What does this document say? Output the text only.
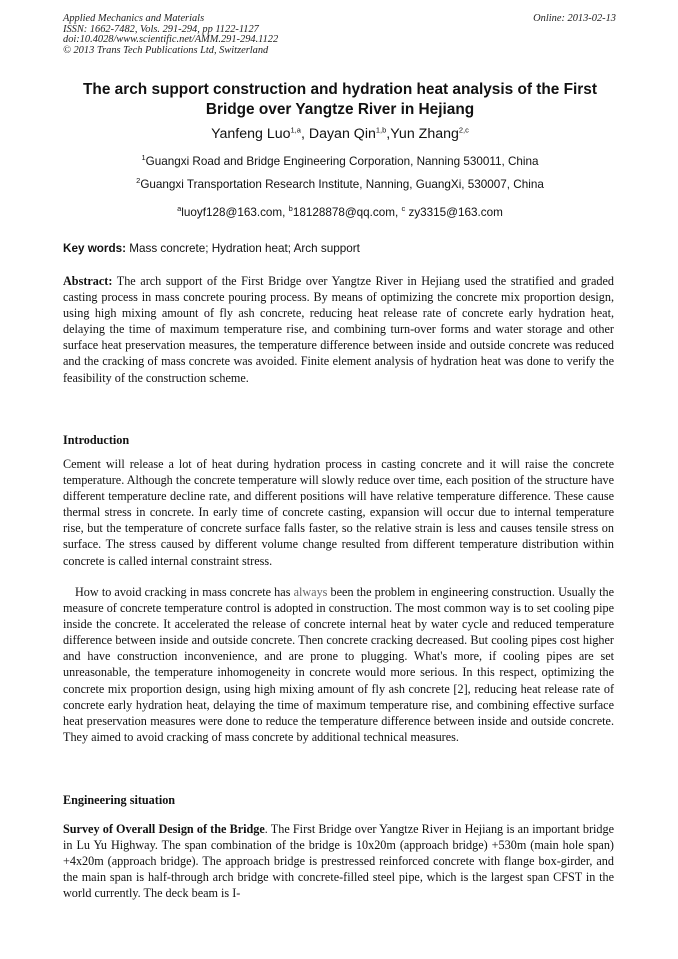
Applied Mechanics and Materials
ISSN: 1662-7482, Vols. 291-294, pp 1122-1127
doi:10.4028/www.scientific.net/AMM.291-294.1122
© 2013 Trans Tech Publications Ltd, Switzerland
Online: 2013-02-13
The arch support construction and hydration heat analysis of the First
Bridge over Yangtze River in Hejiang
Yanfeng Luo$^{1,a}$, Dayan Qin$^{1,b}$,Yun Zhang$^{2,c}$
$^1$Guangxi Road and Bridge Engineering Corporation, Nanning 530011, China
$^2$Guangxi Transportation Research Institute, Nanning, GuangXi, 530007, China
$^a$luoyf128@163.com, $^b$18128878@qq.com, $^c$ zy3315@163.com
Key words: Mass concrete; Hydration heat; Arch support
Abstract: The arch support of the First Bridge over Yangtze River in Hejiang used the stratified and graded casting process in mass concrete pouring process. By means of optimizing the concrete mix proportion design, using high mixing amount of fly ash concrete, reducing heat release rate of concrete early hydration heat, delaying the time of maximum temperature rise, and combining turn-over forms and water storage and other surface heat preservation measures, the temperature difference between inside and outside concrete was reduced and the cracking of mass concrete was avoided. Finite element analysis of hydration heat was done to verify the feasibility of the construction scheme.
Introduction
Cement will release a lot of heat during hydration process in casting concrete and it will raise the concrete temperature. Although the concrete temperature will slowly reduce over time, each position of the structure have different temperature decline rate, and different positions will have relative temperature difference. These cause thermal stress in concrete. In early time of concrete casting, expansion will occur due to internal temperature rise, but the temperature of concrete surface falls faster, so the relative strain is less and causes tensile stress on surface. The stress caused by different volume change resulted from different temperature distribution within concrete is called internal constraint stress.
How to avoid cracking in mass concrete has always been the problem in engineering construction. Usually the measure of concrete temperature control is adopted in construction. The most common way is to set cooling pipe inside the concrete. It accelerated the release of concrete internal heat by water cycle and reduced temperature difference between inside and outside concrete. Then concrete cracking decreased. But cooling pipes cost higher and have construction inconvenience, and are prone to plugging. What's more, if cooling pipes are set unreasonable, the temperature inhomogeneity in concrete would more serious. In this respect, optimizing the concrete mix proportion design, using high mixing amount of fly ash concrete [2], reducing heat release rate of concrete early hydration heat, delaying the time of maximum temperature rise, and combining effective surface heat preservation measures were done to reduce the temperature difference between inside and outside concrete. They aimed to avoid cracking of mass concrete by additional technical measures.
Engineering situation
Survey of Overall Design of the Bridge. The First Bridge over Yangtze River in Hejiang is an important bridge in Lu Yu Highway. The span combination of the bridge is 10x20m (approach bridge) +530m (main hole span) +4x20m (approach bridge). The approach bridge is prestressed reinforced concrete with flange box-girder, and the main span is half-through arch bridge with concrete-filled steel pipe, which is the largest span CFST in the world currently. The deck beam is I-
